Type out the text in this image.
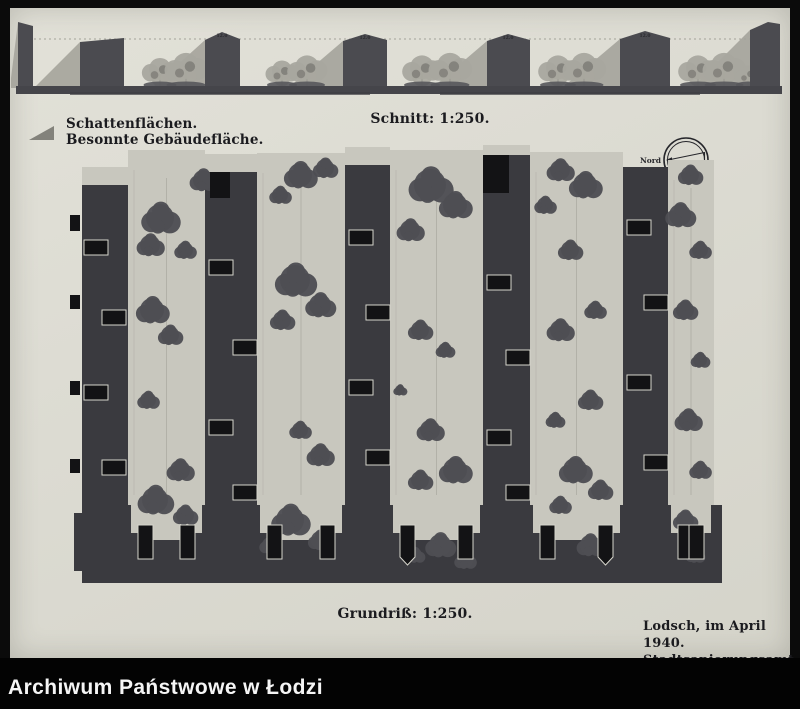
12.0	12.0	12.0	12.0
Schattenflächen.
Besonnte Gebäudefläche.
Schnitt: 1:250.
Grundriß: 1:250.
Nord
Lodsch, im April 1940.
Archiwum Państwowe w Łodzi
